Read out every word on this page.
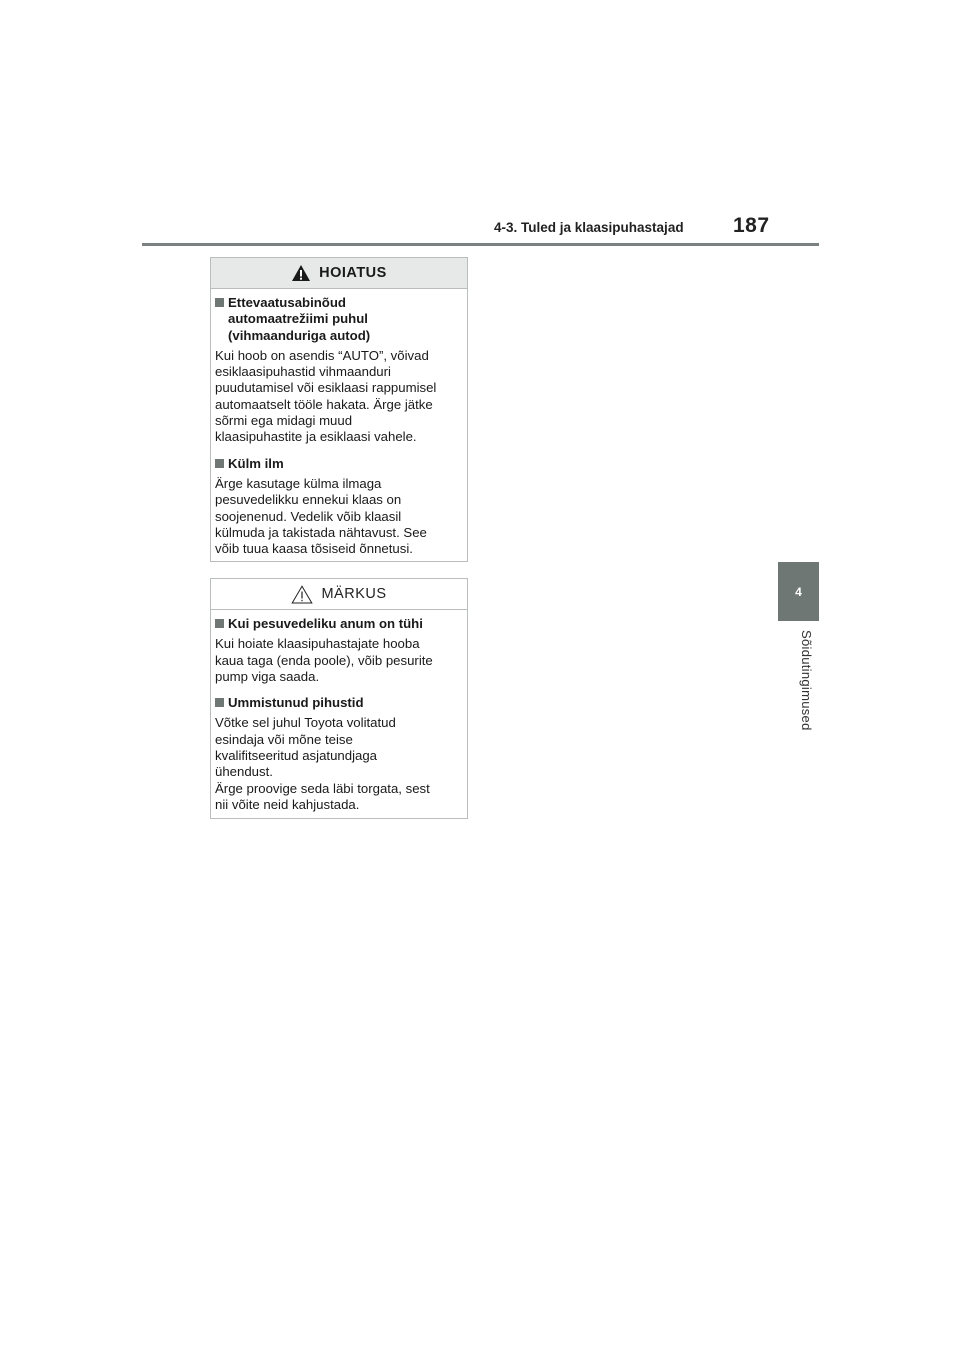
4-3. Tuled ja klaasipuhastajad 187
4
Sõidutingimused
HOIATUS
Ettevaatusabinõud
automaatrežiimi puhul
(vihmaanduriga autod)
Kui hoob on asendis “AUTO”, võivad
esiklaasipuhastid vihmaanduri
puudutamisel või esiklaasi rappumisel
automaatselt tööle hakata. Ärge jätke
sõrmi ega midagi muud
klaasipuhastite ja esiklaasi vahele.
Külm ilm
Ärge kasutage külma ilmaga
pesuvedelikku ennekui klaas on
soojenenud. Vedelik võib klaasil
külmuda ja takistada nähtavust. See
võib tuua kaasa tõsiseid õnnetusi.
MÄRKUS
Kui pesuvedeliku anum on tühi
Kui hoiate klaasipuhastajate hooba
kaua taga (enda poole), võib pesurite
pump viga saada.
Ummistunud pihustid
Võtke sel juhul Toyota volitatud
esindaja või mõne teise
kvalifitseeritud asjatundjaga
ühendust.
Ärge proovige seda läbi torgata, sest
nii võite neid kahjustada.
